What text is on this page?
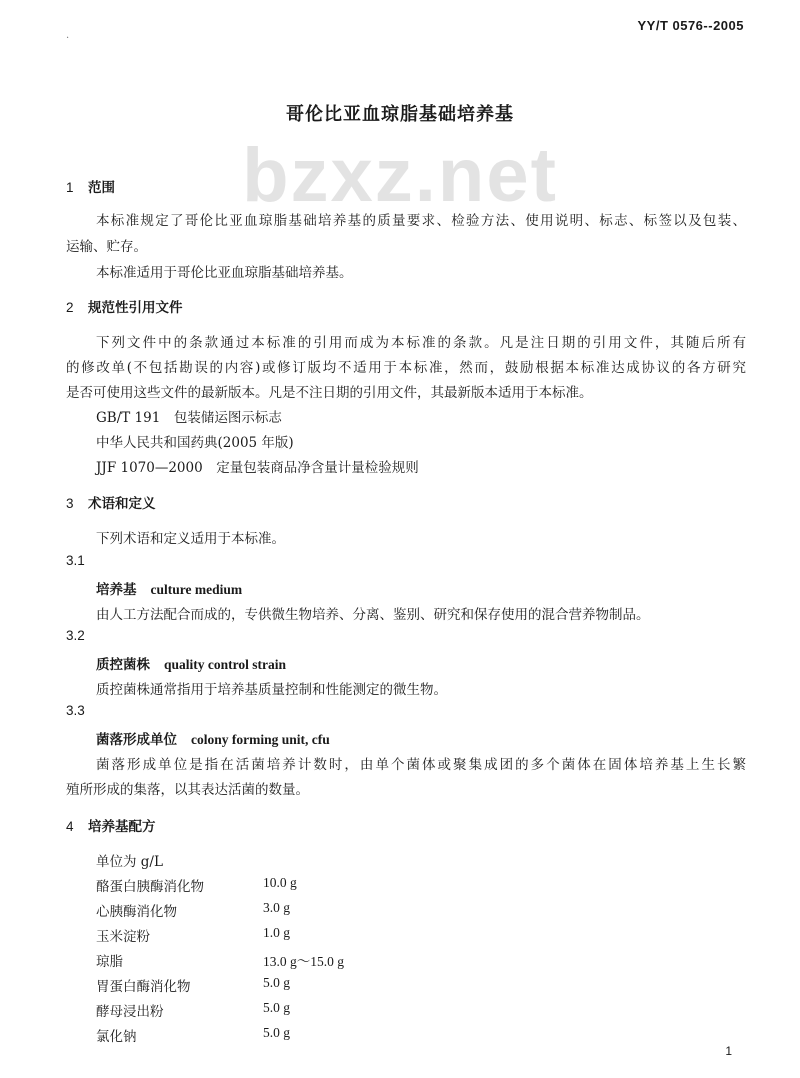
.
YY/T 0576--2005
bzxz.net
哥伦比亚血琼脂基础培养基
1 范围
本标准规定了哥伦比亚血琼脂基础培养基的质量要求、检验方法、使用说明、标志、标签以及包装、
运输、贮存。
本标准适用于哥伦比亚血琼脂基础培养基。
2 规范性引用文件
下列文件中的条款通过本标准的引用而成为本标准的条款。凡是注日期的引用文件，其随后所有
的修改单(不包括勘误的内容)或修订版均不适用于本标准，然而，鼓励根据本标准达成协议的各方研究
是否可使用这些文件的最新版本。凡是不注日期的引用文件，其最新版本适用于本标准。
GB/T 191　包装储运图示标志
中华人民共和国药典(2005 年版)
JJF 1070—2000　定量包装商品净含量计量检验规则
3 术语和定义
下列术语和定义适用于本标准。
3.1
培养基 culture medium
由人工方法配合而成的，专供微生物培养、分离、鉴别、研究和保存使用的混合营养物制品。
3.2
质控菌株 quality control strain
质控菌株通常指用于培养基质量控制和性能测定的微生物。
3.3
菌落形成单位 colony forming unit, cfu
菌落形成单位是指在活菌培养计数时，由单个菌体或聚集成团的多个菌体在固体培养基上生长繁
殖所形成的集落，以其表达活菌的数量。
4 培养基配方
单位为 g/L
酪蛋白胰酶消化物	10.0 g
心胰酶消化物	3.0 g
玉米淀粉	1.0 g
琼脂	13.0 g～15.0 g
胃蛋白酶消化物	5.0 g
酵母浸出粉	5.0 g
氯化钠	5.0 g
1
